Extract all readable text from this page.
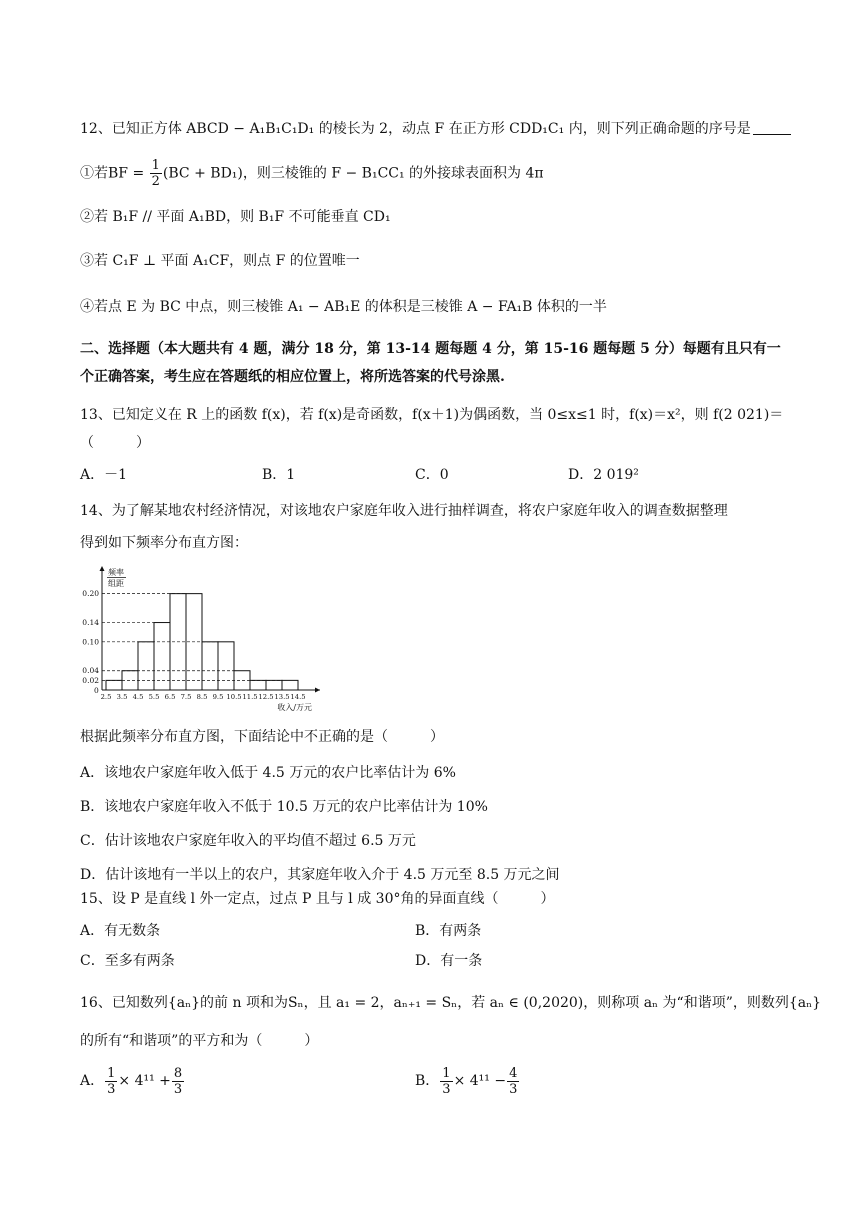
12、已知正方体 ABCD − A₁B₁C₁D₁ 的棱长为 2，动点 F 在正方形 CDD₁C₁ 内，则下列正确命题的序号是
①若BF = $\frac{1}{2} (BC + BD_1)$，则三棱锥的 F − B₁CC₁ 的外接球表面积为 4π
②若 B₁F // 平面 A₁BD，则 B₁F 不可能垂直 CD₁
③若 C₁F ⊥ 平面 A₁CF，则点 F 的位置唯一
④若点 E 为 BC 中点，则三棱锥 A₁ − AB₁E 的体积是三棱锥 A − FA₁B 体积的一半
二、选择题（本大题共有 4 题，满分 18 分，第 13-14 题每题 4 分，第 15-16 题每题 5 分）每题有且只有一
个正确答案，考生应在答题纸的相应位置上，将所选答案的代号涂黑.
13、已知定义在 R 上的函数 f(x)，若 f(x)是奇函数，f(x＋1)为偶函数，当 0≤x≤1 时，f(x)＝x²，则 f(2 021)＝
（　　　）
A．－1	B．1	C．0	D．2 019²
14、为了解某地农村经济情况，对该地农户家庭年收入进行抽样调查，将农户家庭年收入的调查数据整理
得到如下频率分布直方图：
频率
组距
0
0.02
0.04
0.10
0.14
0.20
2.5 3.5 4.5 5.5 6.5 7.5 8.5 9.5 10.5 11.5 12.5 13.5 14.5
收入/万元
根据此频率分布直方图，下面结论中不正确的是（　　　）
A．该地农户家庭年收入低于 4.5 万元的农户比率估计为 6%
B．该地农户家庭年收入不低于 10.5 万元的农户比率估计为 10%
C．估计该地农户家庭年收入的平均值不超过 6.5 万元
D．估计该地有一半以上的农户，其家庭年收入介于 4.5 万元至 8.5 万元之间
15、设 P 是直线 l 外一定点，过点 P 且与 l 成 30°角的异面直线（　　　）
A．有无数条	B．有两条
C．至多有两条	D．有一条
16、已知数列{aₙ}的前 n 项和为Sₙ，且 a₁ = 2，aₙ₊₁ = Sₙ，若 aₙ ∈ (0,2020)，则称项 aₙ 为“和谐项”，则数列{aₙ}
的所有“和谐项”的平方和为（　　　）
A． $\frac{1}{3} \times 4^{11} + \frac{8}{3}$	B． $\frac{1}{3} \times 4^{11} - \frac{4}{3}$
